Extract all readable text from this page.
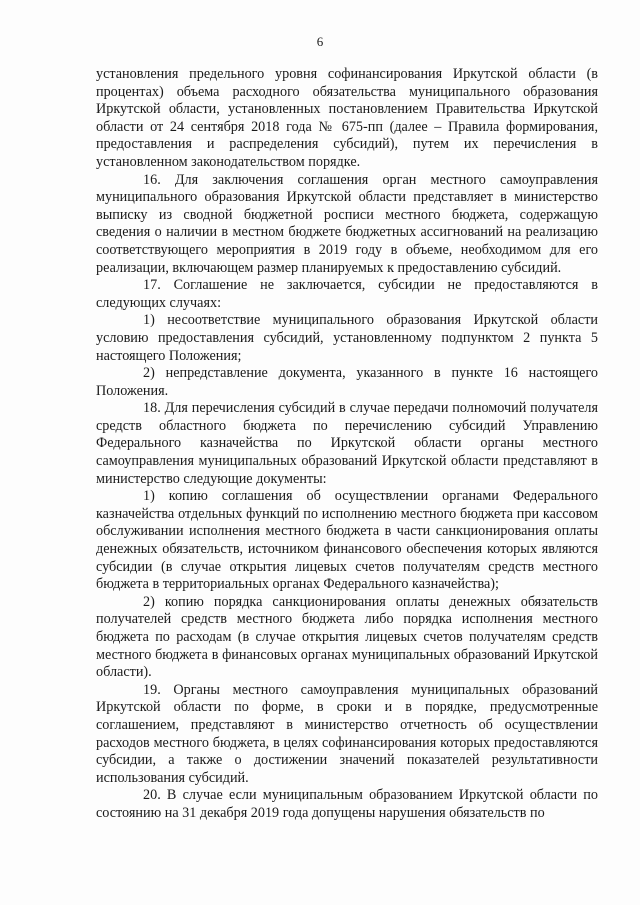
6

установления предельного уровня софинансирования Иркутской области (в процентах) объема расходного обязательства муниципального образования Иркутской области, установленных постановлением Правительства Иркутской области от 24 сентября 2018 года № 675-пп (далее – Правила формирования, предоставления и распределения субсидий), путем их перечисления в установленном законодательством порядке.

16. Для заключения соглашения орган местного самоуправления муниципального образования Иркутской области представляет в министерство выписку из сводной бюджетной росписи местного бюджета, содержащую сведения о наличии в местном бюджете бюджетных ассигнований на реализацию соответствующего мероприятия в 2019 году в объеме, необходимом для его реализации, включающем размер планируемых к предоставлению субсидий.

17. Соглашение не заключается, субсидии не предоставляются в следующих случаях:

1) несоответствие муниципального образования Иркутской области условию предоставления субсидий, установленному подпунктом 2 пункта 5 настоящего Положения;

2) непредставление документа, указанного в пункте 16 настоящего Положения.

18. Для перечисления субсидий в случае передачи полномочий получателя средств областного бюджета по перечислению субсидий Управлению Федерального казначейства по Иркутской области органы местного самоуправления муниципальных образований Иркутской области представляют в министерство следующие документы:

1) копию соглашения об осуществлении органами Федерального казначейства отдельных функций по исполнению местного бюджета при кассовом обслуживании исполнения местного бюджета в части санкционирования оплаты денежных обязательств, источником финансового обеспечения которых являются субсидии (в случае открытия лицевых счетов получателям средств местного бюджета в территориальных органах Федерального казначейства);

2) копию порядка санкционирования оплаты денежных обязательств получателей средств местного бюджета либо порядка исполнения местного бюджета по расходам (в случае открытия лицевых счетов получателям средств местного бюджета в финансовых органах муниципальных образований Иркутской области).

19. Органы местного самоуправления муниципальных образований Иркутской области по форме, в сроки и в порядке, предусмотренные соглашением, представляют в министерство отчетность об осуществлении расходов местного бюджета, в целях софинансирования которых предоставляются субсидии, а также о достижении значений показателей результативности использования субсидий.

20. В случае если муниципальным образованием Иркутской области по состоянию на 31 декабря 2019 года допущены нарушения обязательств по
